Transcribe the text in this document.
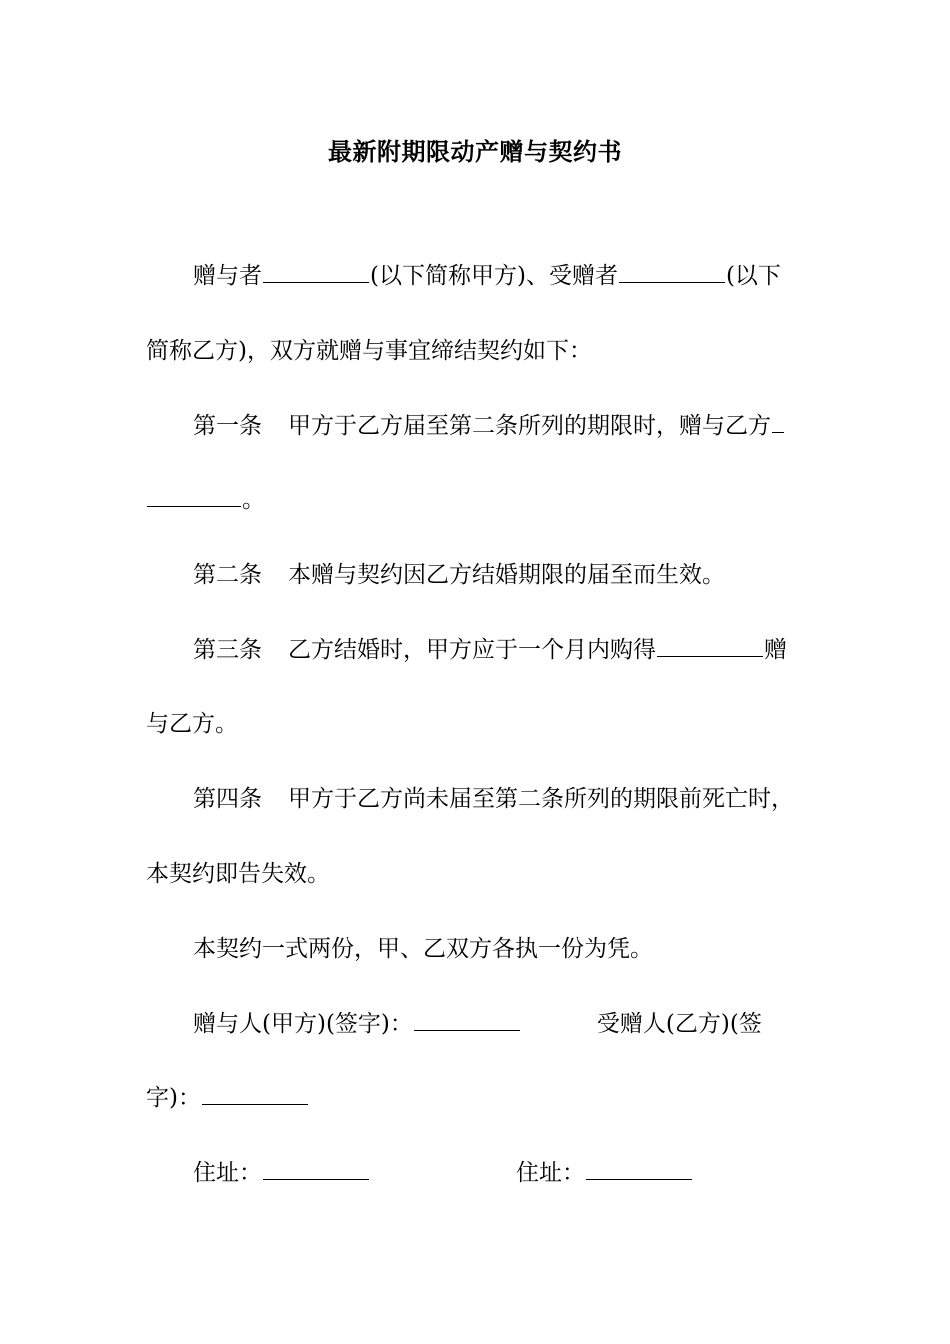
最新附期限动产赠与契约书
赠与者	(以下简称甲方)、受赠者	(以下
简称乙方)，双方就赠与事宜缔结契约如下：
第一条 甲方于乙方届至第二条所列的期限时，赠与乙方
。
第二条 本赠与契约因乙方结婚期限的届至而生效。
第三条 乙方结婚时，甲方应于一个月内购得	赠
与乙方。
第四条 甲方于乙方尚未届至第二条所列的期限前死亡时，
本契约即告失效。
本契约一式两份，甲、乙双方各执一份为凭。
赠与人(甲方)(签字)：	受赠人(乙方)(签
字)：
住址：	住址：
